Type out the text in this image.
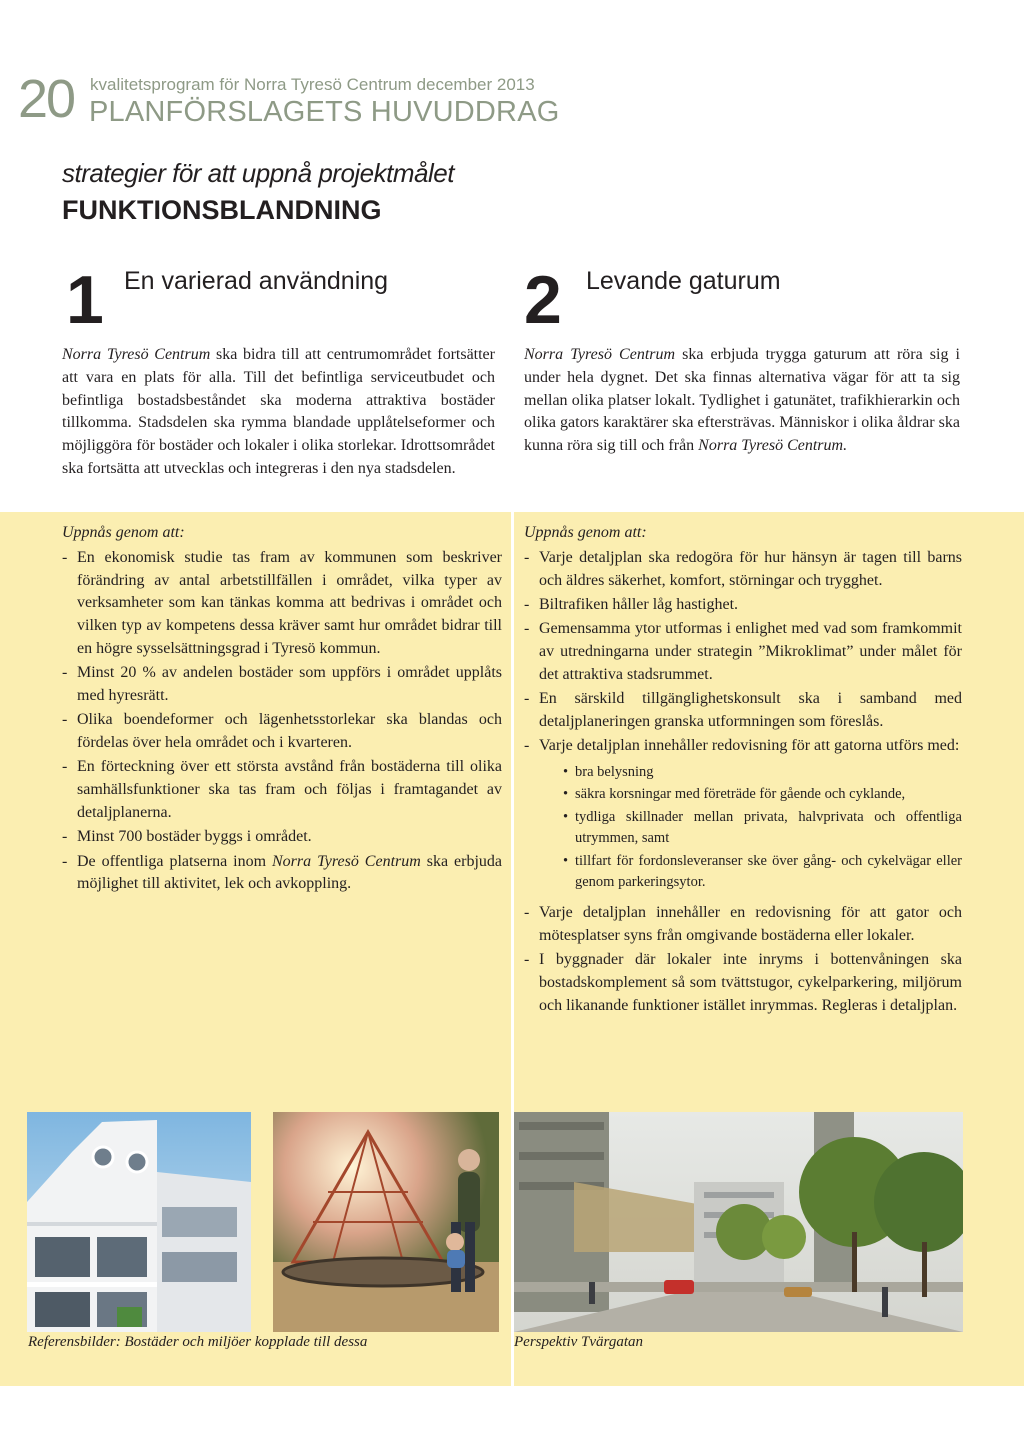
20 kvalitetsprogram för Norra Tyresö Centrum december 2013
PLANFÖRSLAGETS HUVUDDRAG
strategier för att uppnå projektmålet
FUNKTIONSBLANDNING
1 En varierad användning 2 Levande gaturum

Norra Tyresö Centrum ska bidra till att centrumområdet fortsätter att vara en plats för alla. Till det befintliga serviceutbudet och befintliga bostadsbeståndet ska moderna attraktiva bostäder tillkomma. Stadsdelen ska rymma blandade upplåtelseformer och möjliggöra för bostäder och lokaler i olika storlekar. Idrottsområdet ska fortsätta att utvecklas och integreras i den nya stadsdelen.

Norra Tyresö Centrum ska erbjuda trygga gaturum att röra sig i under hela dygnet. Det ska finnas alternativa vägar för att ta sig mellan olika platser lokalt. Tydlighet i gatunätet, trafikhierarkin och olika gators karaktärer ska eftersträvas. Människor i olika åldrar ska kunna röra sig till och från Norra Tyresö Centrum.

Uppnås genom att:
- En ekonomisk studie tas fram av kommunen som beskriver förändring av antal arbetstillfällen i området, vilka typer av verksamheter som kan tänkas komma att bedrivas i området och vilken typ av kompetens dessa kräver samt hur området bidrar till en högre sysselsättningsgrad i Tyresö kommun.
- Minst 20 % av andelen bostäder som uppförs i området upplåts med hyresrätt.
- Olika boendeformer och lägenhetsstorlekar ska blandas och fördelas över hela området och i kvarteren.
- En förteckning över ett största avstånd från bostäderna till olika samhällsfunktioner ska tas fram och följas i framtagandet av detaljplanerna.
- Minst 700 bostäder byggs i området.
- De offentliga platserna inom Norra Tyresö Centrum ska erbjuda möjlighet till aktivitet, lek och avkoppling.
Uppnås genom att:
- Varje detaljplan ska redogöra för hur hänsyn är tagen till barns och äldres säkerhet, komfort, störningar och trygghet.
- Biltrafiken håller låg hastighet.
- Gemensamma ytor utformas i enlighet med vad som framkommit av utredningarna under strategin ”Mikroklimat” under målet för det attraktiva stadsrummet.
- En särskild tillgänglighetskonsult ska i samband med detaljplaneringen granska utformningen som föreslås.
- Varje detaljplan innehåller redovisning för att gatorna utförs med:
• bra belysning
• säkra korsningar med företräde för gående och cyklande,
• tydliga skillnader mellan privata, halvprivata och offentliga utrymmen, samt
• tillfart för fordonsleveranser ske över gång- och cykelvägar eller genom parkeringsytor.
- Varje detaljplan innehåller en redovisning för att gator och mötesplatser syns från omgivande bostäderna eller lokaler.
- I byggnader där lokaler inte inryms i bottenvåningen ska bostadskomplement så som tvättstugor, cykelparkering, miljörum och likanande funktioner istället inrymmas. Regleras i detaljplan.
Referensbilder: Bostäder och miljöer kopplade till dessa	Perspektiv Tvärgatan
